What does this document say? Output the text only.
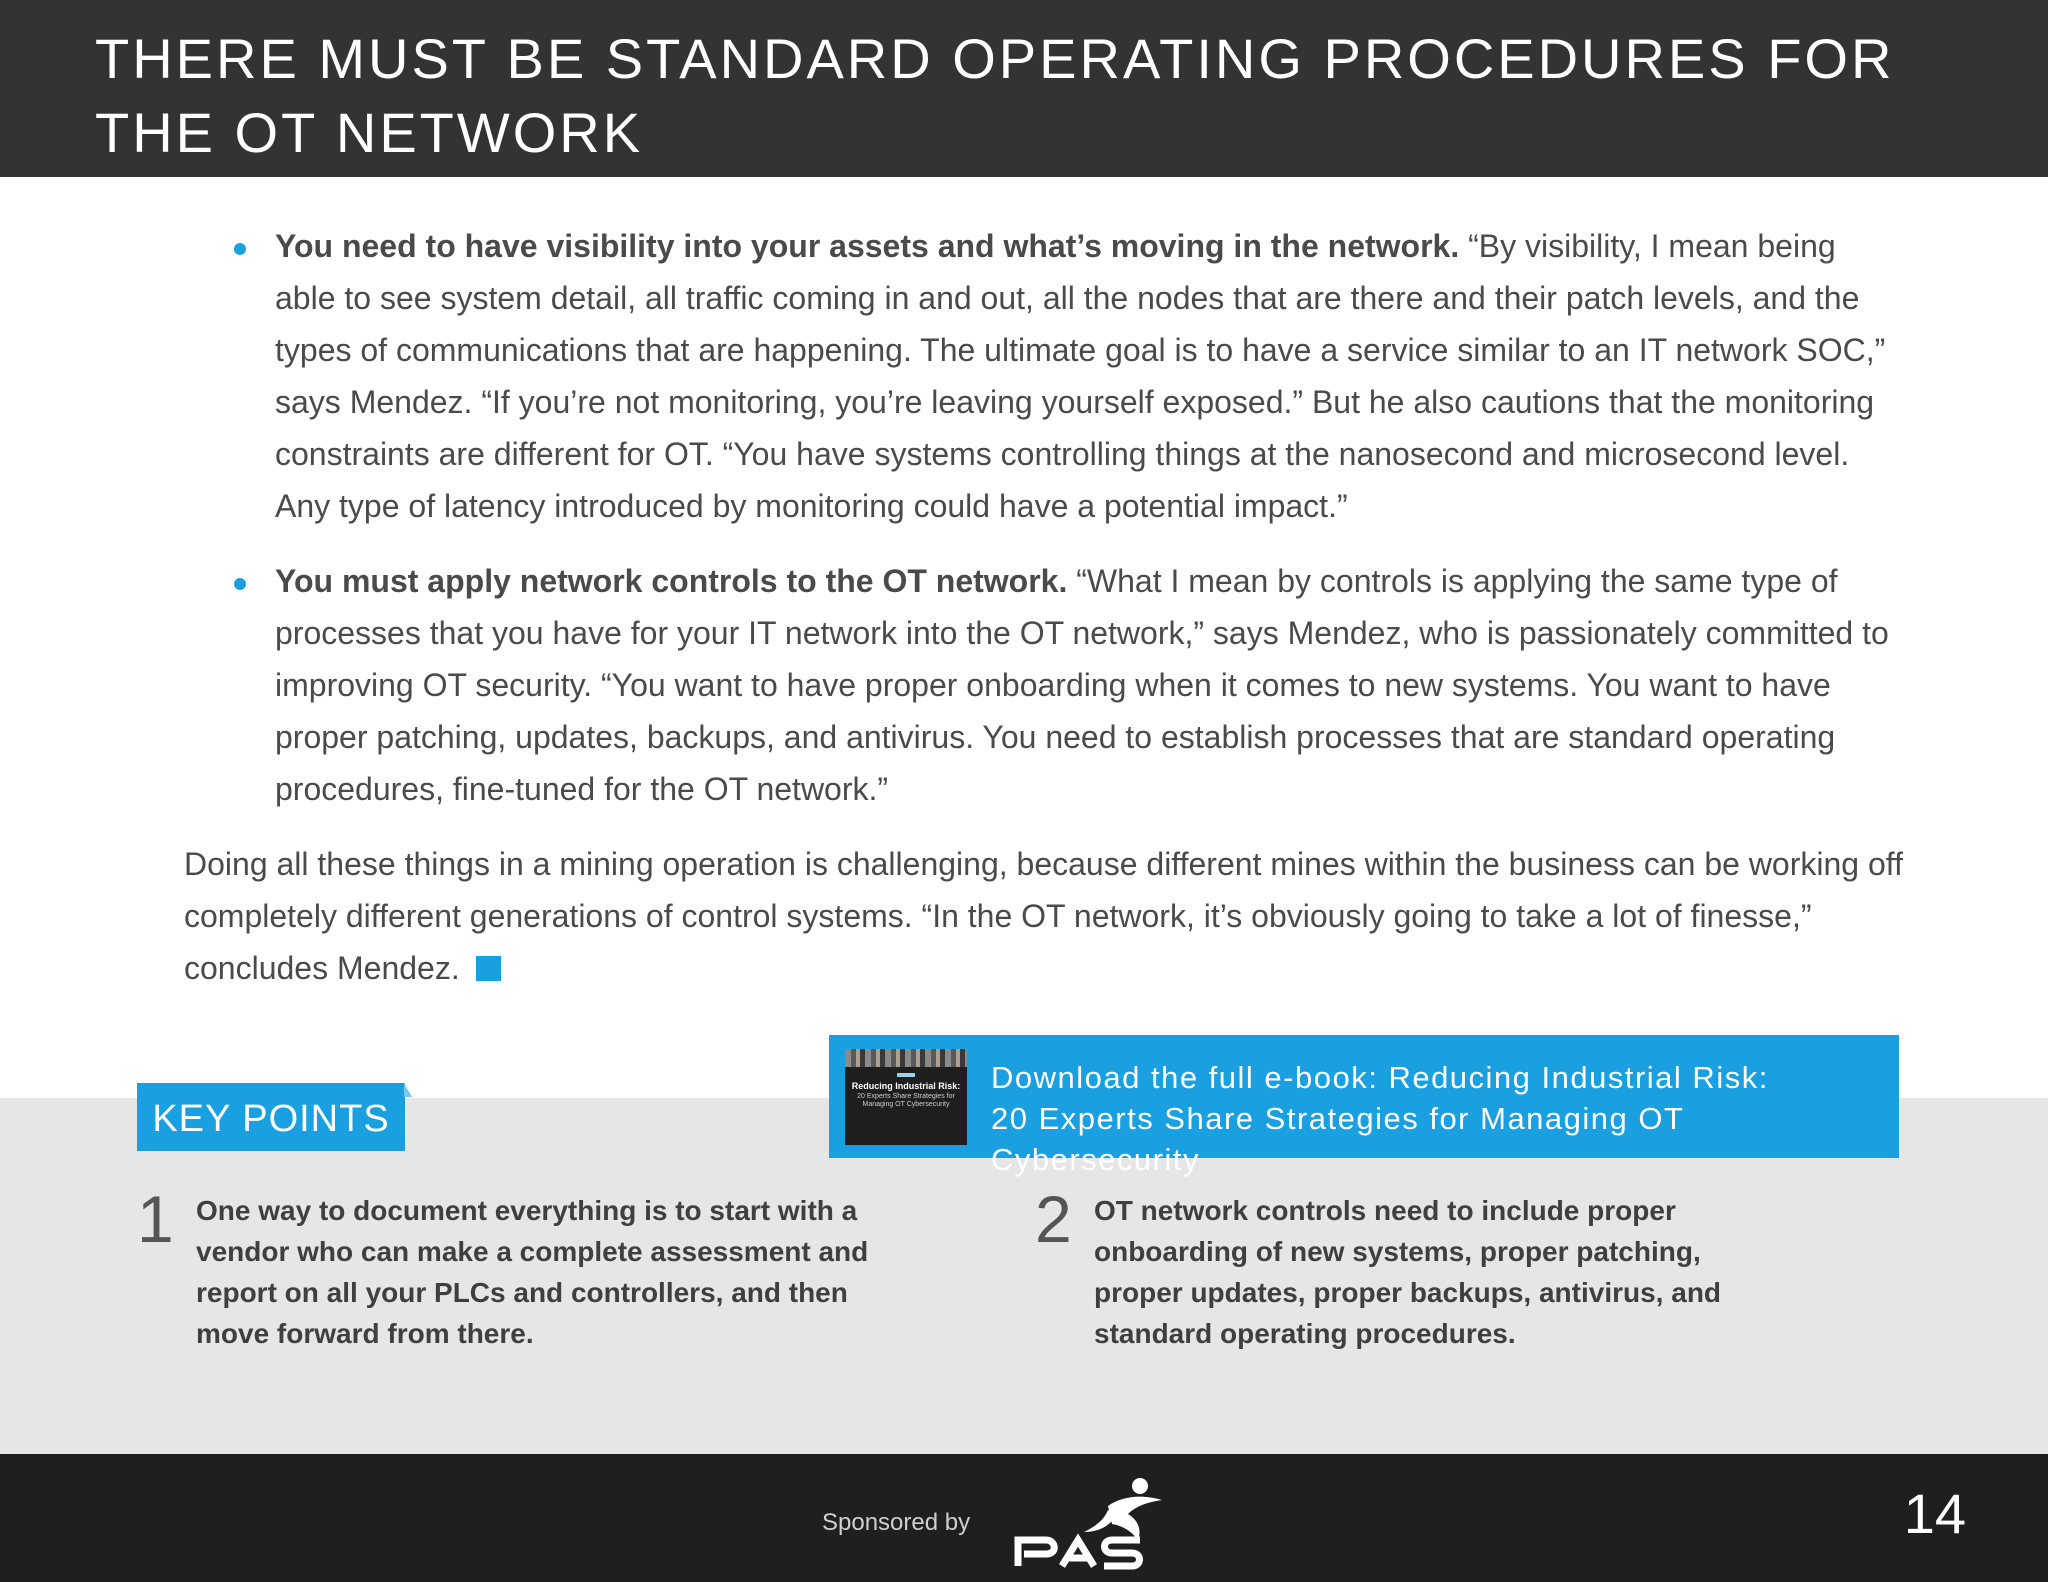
THERE MUST BE STANDARD OPERATING PROCEDURES FOR THE OT NETWORK
You need to have visibility into your assets and what’s moving in the network. “By visibility, I mean being able to see system detail, all traffic coming in and out, all the nodes that are there and their patch levels, and the types of communications that are happening. The ultimate goal is to have a service similar to an IT network SOC,” says Mendez. “If you’re not monitoring, you’re leaving yourself exposed.” But he also cautions that the monitoring constraints are different for OT. “You have systems controlling things at the nanosecond and microsecond level. Any type of latency introduced by monitoring could have a potential impact.”
You must apply network controls to the OT network. “What I mean by controls is applying the same type of processes that you have for your IT network into the OT network,” says Mendez, who is passionately committed to improving OT security. “You want to have proper onboarding when it comes to new systems. You want to have proper patching, updates, backups, and antivirus. You need to establish processes that are standard operating procedures, fine-tuned for the OT network.”

Doing all these things in a mining operation is challenging, because different mines within the business can be working off completely different generations of control systems. “In the OT network, it’s obviously going to take a lot of finesse,” concludes Mendez.

KEY POINTS
Reducing Industrial Risk:
20 Experts Share Strategies for Managing OT Cybersecurity
Download the full e-book: Reducing Industrial Risk:
20 Experts Share Strategies for Managing OT Cybersecurity
1 One way to document everything is to start with a vendor who can make a complete assessment and report on all your PLCs and controllers, and then move forward from there.
2 OT network controls need to include proper onboarding of new systems, proper patching, proper updates, proper backups, antivirus, and standard operating procedures.
Sponsored by	14
